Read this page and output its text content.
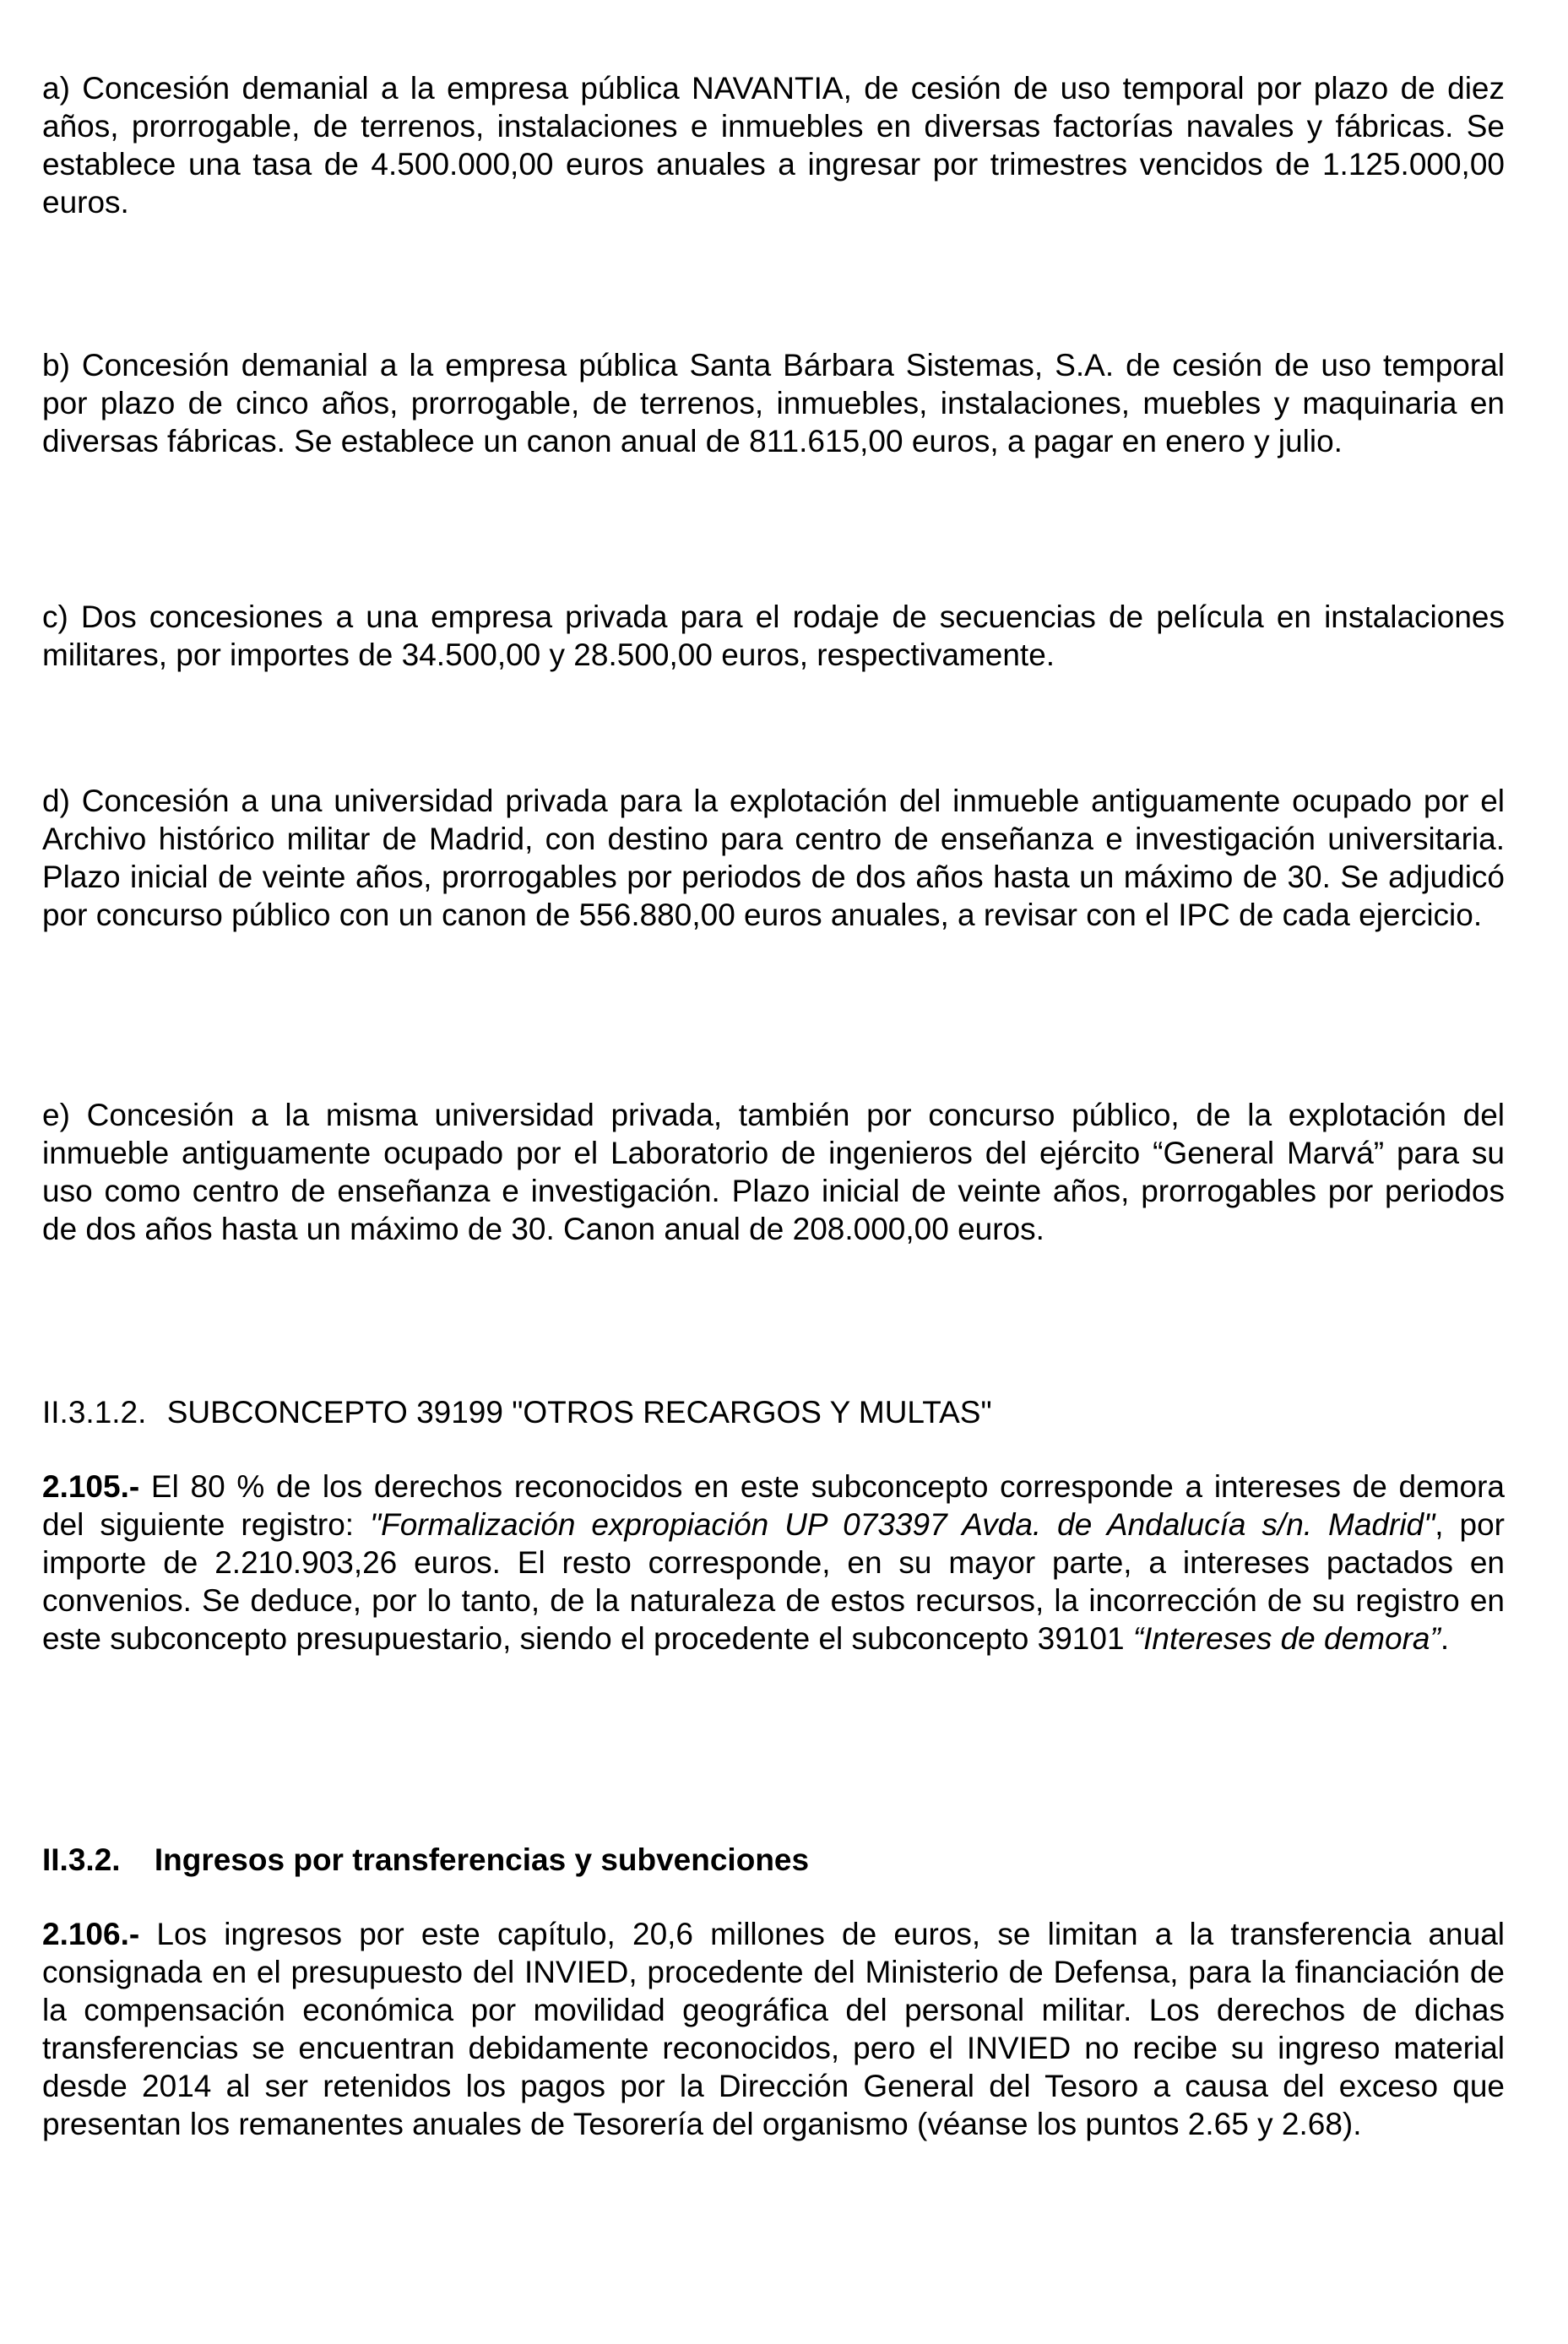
a) Concesión demanial a la empresa pública NAVANTIA, de cesión de uso temporal por plazo de diez años, prorrogable, de terrenos, instalaciones e inmuebles en diversas factorías navales y fábricas. Se establece una tasa de 4.500.000,00 euros anuales a ingresar por trimestres vencidos de 1.125.000,00 euros.

b) Concesión demanial a la empresa pública Santa Bárbara Sistemas, S.A. de cesión de uso temporal por plazo de cinco años, prorrogable, de terrenos, inmuebles, instalaciones, muebles y maquinaria en diversas fábricas. Se establece un canon anual de 811.615,00 euros, a pagar en enero y julio.

c) Dos concesiones a una empresa privada para el rodaje de secuencias de película en instalaciones militares, por importes de 34.500,00 y 28.500,00 euros, respectivamente.

d) Concesión a una universidad privada para la explotación del inmueble antiguamente ocupado por el Archivo histórico militar de Madrid, con destino para centro de enseñanza e investigación universitaria. Plazo inicial de veinte años, prorrogables por periodos de dos años hasta un máximo de 30. Se adjudicó por concurso público con un canon de 556.880,00 euros anuales, a revisar con el IPC de cada ejercicio.

e) Concesión a la misma universidad privada, también por concurso público, de la explotación del inmueble antiguamente ocupado por el Laboratorio de ingenieros del ejército “General Marvá” para su uso como centro de enseñanza e investigación. Plazo inicial de veinte años, prorrogables por periodos de dos años hasta un máximo de 30. Canon anual de 208.000,00 euros.

II.3.1.2. SUBCONCEPTO 39199 "OTROS RECARGOS Y MULTAS"

2.105.- El 80 % de los derechos reconocidos en este subconcepto corresponde a intereses de demora del siguiente registro: "Formalización expropiación UP 073397 Avda. de Andalucía s/n. Madrid", por importe de 2.210.903,26 euros. El resto corresponde, en su mayor parte, a intereses pactados en convenios. Se deduce, por lo tanto, de la naturaleza de estos recursos, la incorrección de su registro en este subconcepto presupuestario, siendo el procedente el subconcepto 39101 “Intereses de demora”.

II.3.2. Ingresos por transferencias y subvenciones

2.106.- Los ingresos por este capítulo, 20,6 millones de euros, se limitan a la transferencia anual consignada en el presupuesto del INVIED, procedente del Ministerio de Defensa, para la financiación de la compensación económica por movilidad geográfica del personal militar. Los derechos de dichas transferencias se encuentran debidamente reconocidos, pero el INVIED no recibe su ingreso material desde 2014 al ser retenidos los pagos por la Dirección General del Tesoro a causa del exceso que presentan los remanentes anuales de Tesorería del organismo (véanse los puntos 2.65 y 2.68).
